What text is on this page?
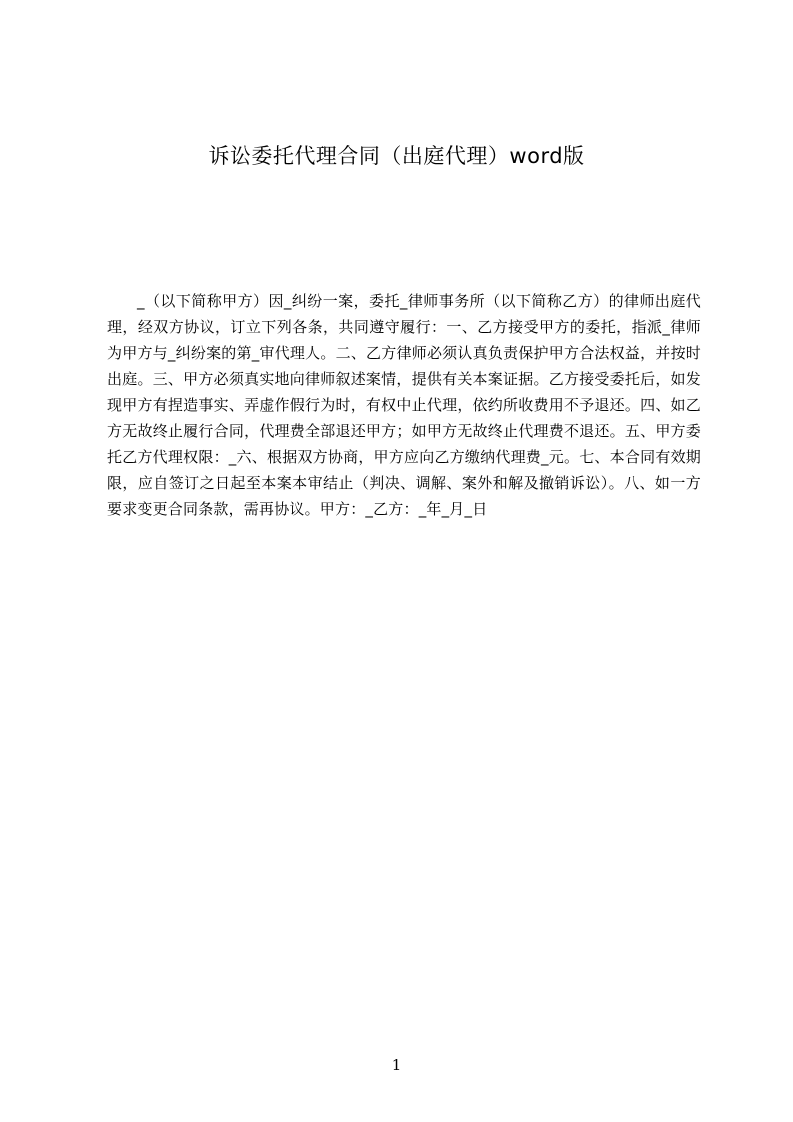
诉讼委托代理合同（出庭代理）word版

_（以下简称甲方）因_纠纷一案，委托_律师事务所（以下简称乙方）的律师出庭代理，经双方协议，订立下列各条，共同遵守履行：一、乙方接受甲方的委托，指派_律师为甲方与_纠纷案的第_审代理人。二、乙方律师必须认真负责保护甲方合法权益，并按时出庭。三、甲方必须真实地向律师叙述案情，提供有关本案证据。乙方接受委托后，如发现甲方有捏造事实、弄虚作假行为时，有权中止代理，依约所收费用不予退还。四、如乙方无故终止履行合同，代理费全部退还甲方；如甲方无故终止代理费不退还。五、甲方委托乙方代理权限：_六、根据双方协商，甲方应向乙方缴纳代理费_元。七、本合同有效期限，应自签订之日起至本案本审结止（判决、调解、案外和解及撤销诉讼）。八、如一方要求变更合同条款，需再协议。甲方：_乙方：_年_月_日

1
